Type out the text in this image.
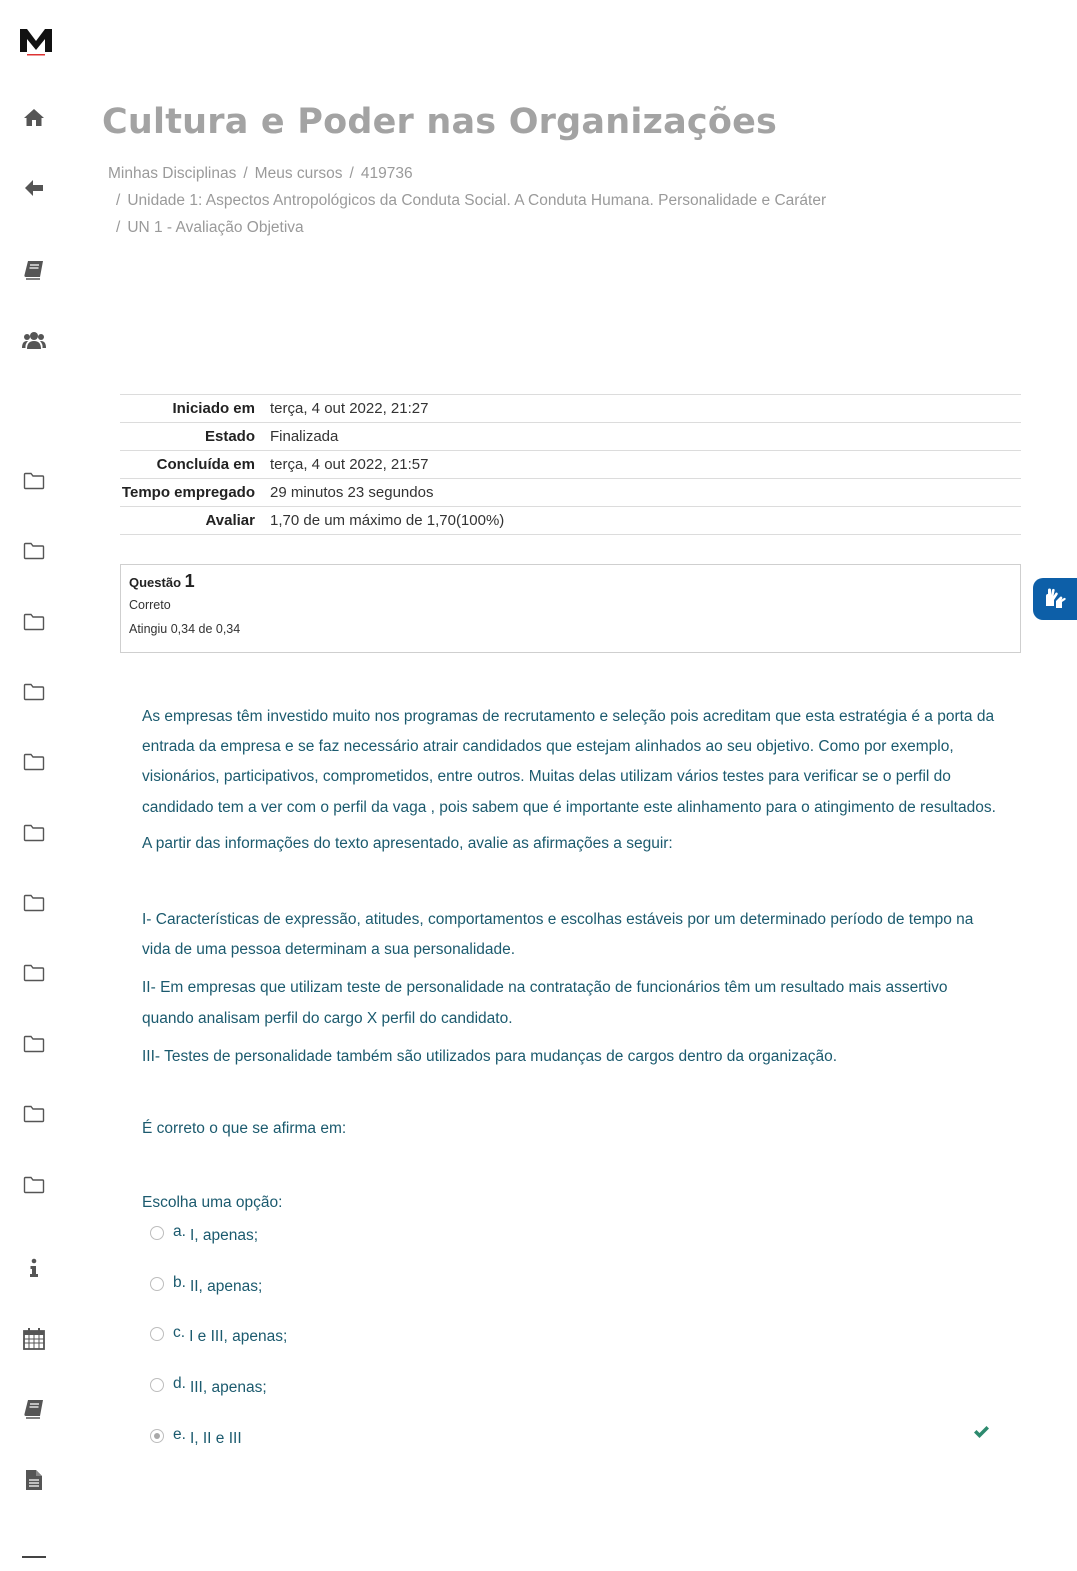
Cultura e Poder nas Organizações
Minhas Disciplinas / Meus cursos / 419736
/ Unidade 1: Aspectos Antropológicos da Conduta Social. A Conduta Humana. Personalidade e Caráter
/ UN 1 - Avaliação Objetiva
Iniciado em	terça, 4 out 2022, 21:27
Estado	Finalizada
Concluída em	terça, 4 out 2022, 21:57
Tempo empregado	29 minutos 23 segundos
Avaliar	1,70 de um máximo de 1,70(100%)
Questão 1
Correto
Atingiu 0,34 de 0,34

As empresas têm investido muito nos programas de recrutamento e seleção pois acreditam que esta estratégia é a porta da entrada da empresa e se faz necessário atrair candidados que estejam alinhados ao seu objetivo. Como por exemplo, visionários, participativos, comprometidos, entre outros. Muitas delas utilizam vários testes para verificar se o perfil do candidado tem a ver com o perfil da vaga , pois sabem que é importante este alinhamento para o atingimento de resultados.

A partir das informações do texto apresentado, avalie as afirmações a seguir:

I- Características de expressão, atitudes, comportamentos e escolhas estáveis por um determinado período de tempo na vida de uma pessoa determinam a sua personalidade.

II- Em empresas que utilizam teste de personalidade na contratação de funcionários têm um resultado mais assertivo quando analisam perfil do cargo X perfil do candidato.

III- Testes de personalidade também são utilizados para mudanças de cargos dentro da organização.

É correto o que se afirma em:

Escolha uma opção:
a. I, apenas;
b. II, apenas;
c. I e III, apenas;
d. III, apenas;
e. I, II e III
